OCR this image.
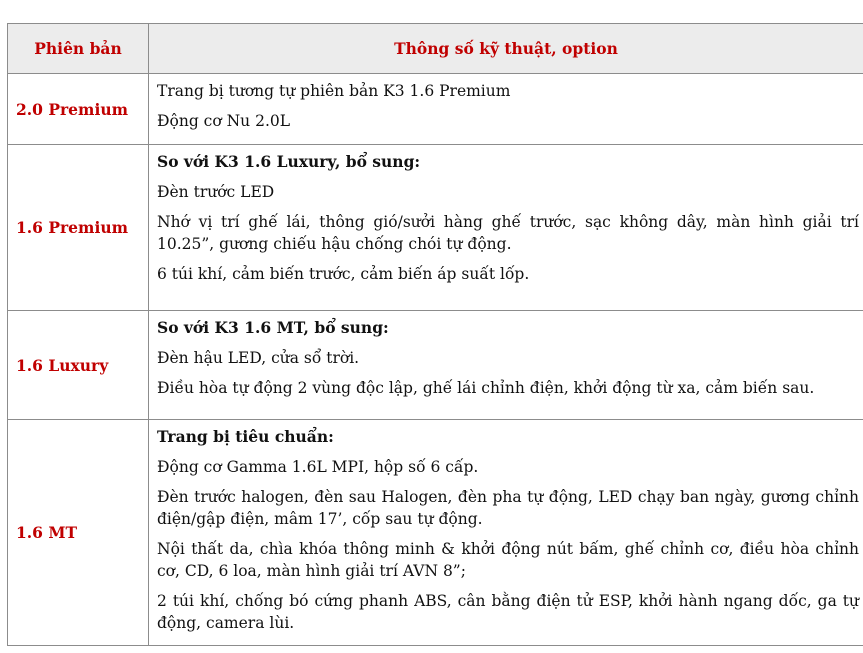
Phiên bản	Thông số kỹ thuật, option
2.0 Premium	Trang bị tương tự phiên bản K3 1.6 Premium
Động cơ Nu 2.0L

1.6 Premium	So với K3 1.6 Luxury, bổ sung:
Đèn trước LED
Nhớ vị trí ghế lái, thông gió/sưởi hàng ghế trước, sạc không dây, màn hình giải trí 10.25”, gương chiếu hậu chống chói tự động.
6 túi khí, cảm biến trước, cảm biến áp suất lốp.

1.6 Luxury	So với K3 1.6 MT, bổ sung:
Đèn hậu LED, cửa sổ trời.
Điều hòa tự động 2 vùng độc lập, ghế lái chỉnh điện, khởi động từ xa, cảm biến sau.

1.6 MT	Trang bị tiêu chuẩn:
Động cơ Gamma 1.6L MPI, hộp số 6 cấp.
Đèn trước halogen, đèn sau Halogen, đèn pha tự động, LED chạy ban ngày, gương chỉnh điện/gập điện, mâm 17’, cốp sau tự động.
Nội thất da, chìa khóa thông minh & khởi động nút bấm, ghế chỉnh cơ, điều hòa chỉnh cơ, CD, 6 loa, màn hình giải trí AVN 8”;
2 túi khí, chống bó cứng phanh ABS, cân bằng điện tử ESP, khởi hành ngang dốc, ga tự động, camera lùi.
